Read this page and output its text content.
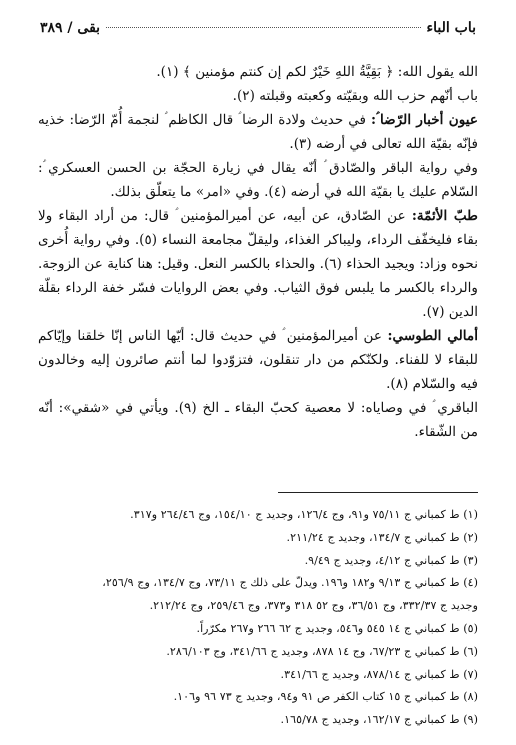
باب الباء
بقى / ٣٨٩

الله يقول الله: ﴿ بَقِيَّةُ اللهِ خَيْرٌ لكم إن كنتم مؤمنين ﴾ (١).

باب أنّهم حزب الله وبقيّته وكعبته وقبلته (٢).

عيون أخبار الرّضا ؑ: في حديث ولادة الرضا ؑ قال الكاظم ؑ لنجمة أُمّ الرّضا: خذيه فإنّه بقيّة الله تعالى في أرضه (٣).

وفي رواية الباقر والصّادق ؑ أنّه يقال في زيارة الحجّة بن الحسن العسكري ؑ: السّلام عليك يا بقيّة الله في أرضه (٤). وفي «امر» ما يتعلّق بذلك.

طبّ الأئمّة: عن الصّادق، عن أبيه، عن أميرالمؤمنين ؑ قال: من أراد البقاء ولا بقاء فليخفّف الرداء، وليباكر الغذاء، وليقلّ مجامعة النساء (٥). وفي رواية أُخرى نحوه وزاد: ويجيد الحذاء (٦). والحذاء بالكسر النعل. وقيل: هنا كناية عن الزوجة. والرداء بالكسر ما يلبس فوق الثياب. وفي بعض الروايات فسّر خفة الرداء بقلّة الدين (٧).

أمالي الطوسي: عن أميرالمؤمنين ؑ في حديث قال: أيّها الناس إنّا خلقنا وإيّاكم للبقاء لا للفناء. ولكنّكم من دار تنقلون، فتزوّدوا لما أنتم صائرون إليه وخالدون فيه والسّلام (٨).

الباقري ؑ في وصاياه: لا معصية كحبّ البقاء ـ الخ (٩). ويأتي في «شقي»: أنّه من الشّقاء.

(١) ط كمباني ج ٧٥/١١ و٩١، وج ١٢٦/٤، وجديد ج ١٥٤/١٠، وج ٢٦٤/٤٦ و٣١٧.

(٢) ط كمباني ج ١٣٤/٧، وجديد ج ٢١١/٢٤.

(٣) ط كمباني ج ٤/١٢، وجديد ج ٩/٤٩.

(٤) ط كمباني ج ٩/١٣ و١٨٢ و١٩٦. ويدلّ على ذلك ج ٧٣/١١، وج ١٣٤/٧، وج ٢٥٦/٩،

وجديد ج ٣٣٢/٣٧، وج ٣٦/٥١، وج ٥٢ ٣١٨ و٣٧٣، وج ٢٥٩/٤٦، وج ٢١٢/٢٤.

(٥) ط كمباني ج ١٤ ٥٤٥ و٥٤٦، وجديد ج ٦٢ ٢٦٦ و٢٦٧ مكرّراً.

(٦) ط كمباني ج ٦٧/٢٣، وج ١٤ ٨٧٨، وجديد ج ٣٤١/٦٦، وج ٢٨٦/١٠٣.

(٧) ط كمباني ج ٨٧٨/١٤، وجديد ج ٣٤١/٦٦.

(٨) ط كمباني ج ١٥ كتاب الكفر ص ٩١ و٩٤، وجديد ج ٧٣ ٩٦ و١٠٦.

(٩) ط كمباني ج ١٦٢/١٧، وجديد ج ١٦٥/٧٨.
